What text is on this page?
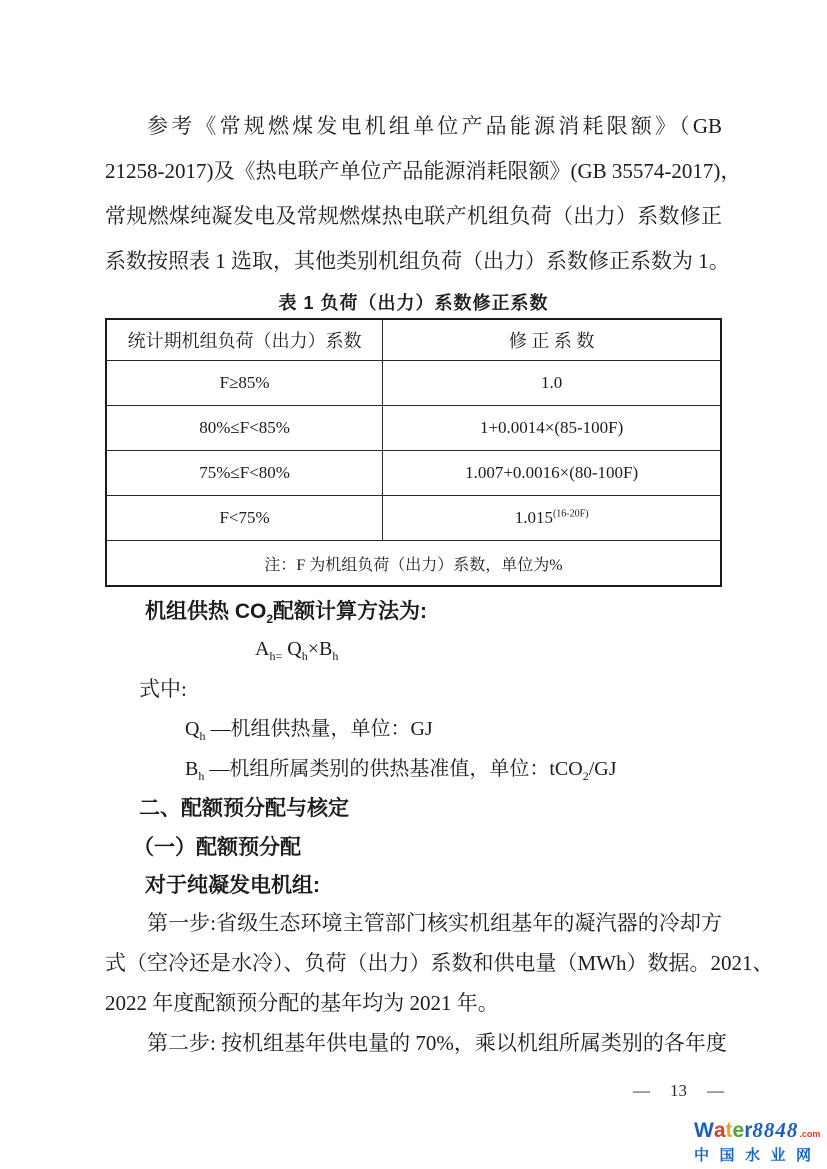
参考《常规燃煤发电机组单位产品能源消耗限额》（GB
21258-2017)及《热电联产单位产品能源消耗限额》(GB 35574-2017)，
常规燃煤纯凝发电及常规燃煤热电联产机组负荷（出力）系数修正
系数按照表 1 选取，其他类别机组负荷（出力）系数修正系数为 1。
表 1 负荷（出力）系数修正系数
统计期机组负荷（出力）系数	修 正 系 数
F≥85%	1.0
80%≤F<85%	1+0.0014×(85-100F)
75%≤F<80%	1.007+0.0016×(80-100F)
F<75%	$1.015^{(16-20F)}$
注：F 为机组负荷（出力）系数，单位为%	
机组供热 $CO_2$配额计算方法为:
$A_{h=}$ $Q_h\times B_h$
式中:
$Q_h$ —机组供热量，单位：GJ
$B_h$ —机组所属类别的供热基准值，单位：tCO$_2$/GJ
二、配额预分配与核定
（一）配额预分配
对于纯凝发电机组:
第一步:省级生态环境主管部门核实机组基年的凝汽器的冷却方
式（空冷还是水冷）、负荷（出力）系数和供电量（MWh）数据。2021、
2022 年度配额预分配的基年均为 2021 年。
第二步: 按机组基年供电量的 70%，乘以机组所属类别的各年度
— 13 —
W a t e r 8848 .com
中国水业网
